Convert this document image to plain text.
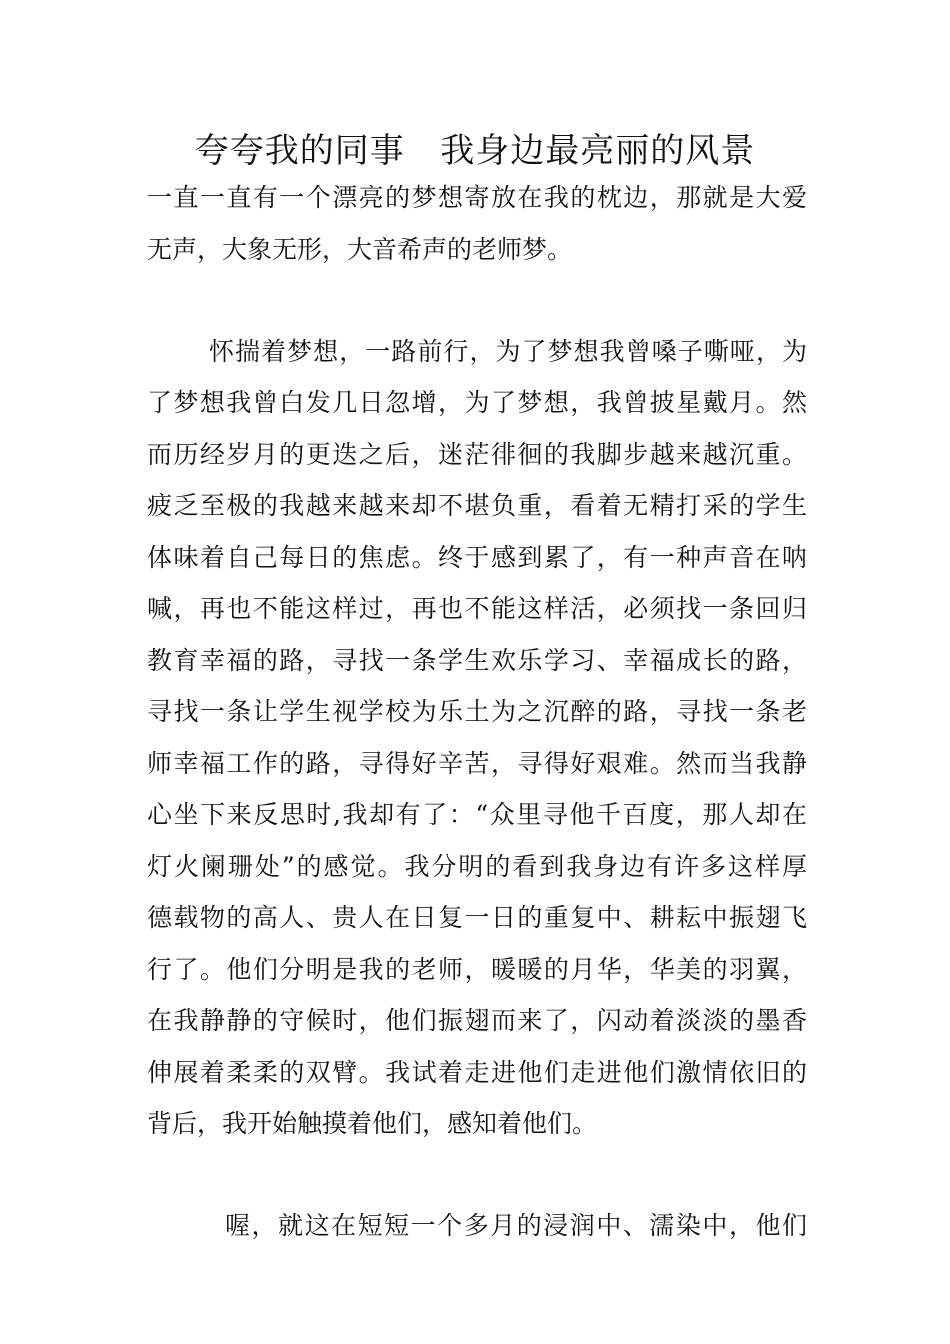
夸夸我的同事   我身边最亮丽的风景

一直一直有一个漂亮的梦想寄放在我的枕边，那就是大爱

无声，大象无形，大音希声的老师梦。

怀揣着梦想，一路前行，为了梦想我曾嗓子嘶哑，为

了梦想我曾白发几日忽增，为了梦想，我曾披星戴月。然

而历经岁月的更迭之后，迷茫徘徊的我脚步越来越沉重。

疲乏至极的我越来越来却不堪负重，看着无精打采的学生

体味着自己每日的焦虑。终于感到累了，有一种声音在呐

喊，再也不能这样过，再也不能这样活，必须找一条回归

教育幸福的路，寻找一条学生欢乐学习、幸福成长的路，

寻找一条让学生视学校为乐土为之沉醉的路，寻找一条老

师幸福工作的路，寻得好辛苦，寻得好艰难。然而当我静

心坐下来反思时,我却有了：“众里寻他千百度，那人却在

灯火阑珊处”的感觉。我分明的看到我身边有许多这样厚

德载物的高人、贵人在日复一日的重复中、耕耘中振翅飞

行了。他们分明是我的老师，暖暖的月华，华美的羽翼，

在我静静的守候时，他们振翅而来了，闪动着淡淡的墨香

伸展着柔柔的双臂。我试着走进他们走进他们激情依旧的

背后，我开始触摸着他们，感知着他们。

喔，就这在短短一个多月的浸润中、濡染中，他们
